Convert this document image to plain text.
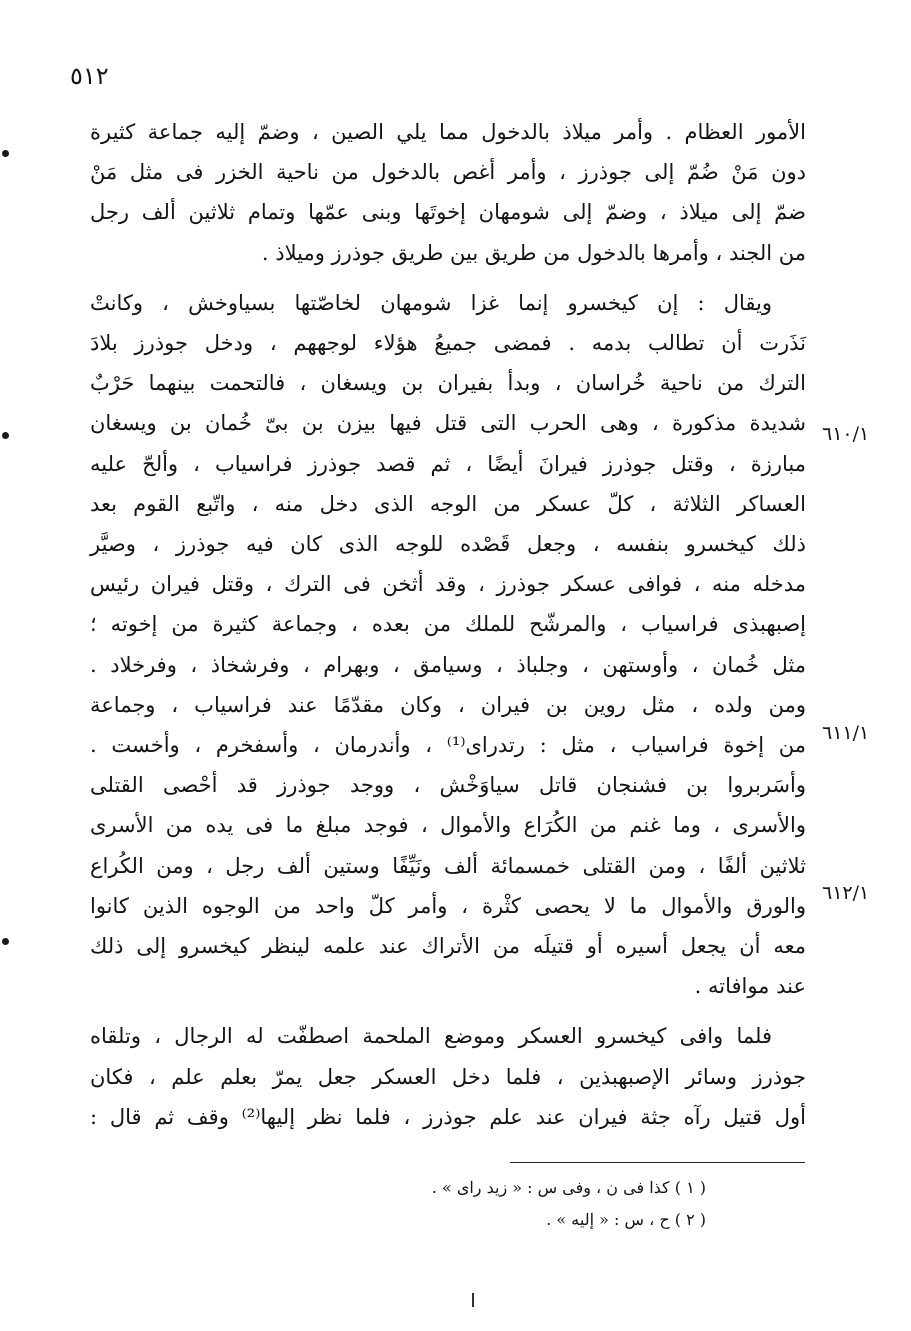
٥١٢

الأمور العظام . وأمر ميلاذ بالدخول مما يلي الصين ، وضمّ إليه جماعة كثيرة
دون مَنْ ضُمّ إلى جوذرز ، وأمر أغص بالدخول من ناحية الخزر فى مثل مَنْ
ضمّ إلى ميلاذ ، وضمّ إلى شومهان إخوتَها وبنى عمّها وتمام ثلاثين ألف رجل
من الجند ، وأمرها بالدخول من طريق بين طريق جوذرز وميلاذ .

ويقال : إن كيخسرو إنما غزا شومهان لخاصّتها بسياوخش ، وكانتْ
نَذَرت أن تطالب بدمه . فمضى جميعُ هؤلاء لوجههم ، ودخل جوذرز بلادَ
الترك من ناحية خُراسان ، وبدأ بفيران بن ويسغان ، فالتحمت بينهما حَرْبٌ
شديدة مذكورة ، وهى الحرب التى قتل فيها بيزن بن بىّ خُمان بن ويسغان
مبارزة ، وقتل جوذرز فيرانَ أيضًا ، ثم قصد جوذرز فراسياب ، وألحّ عليه
العساكر الثلاثة ، كلّ عسكر من الوجه الذى دخل منه ، واتّبع القوم بعد
ذلك كيخسرو بنفسه ، وجعل قَصْده للوجه الذى كان فيه جوذرز ، وصيَّر
مدخله منه ، فوافى عسكر جوذرز ، وقد أثخن فى الترك ، وقتل فيران رئيس
إصبهبذى فراسياب ، والمرشّح للملك من بعده ، وجماعة كثيرة من إخوته ؛
مثل خُمان ، وأوستهن ، وجلباذ ، وسيامق ، وبهرام ، وفرشخاذ ، وفرخلاد .
ومن ولده ، مثل روين بن فيران ، وكان مقدّمًا عند فراسياب ، وجماعة
من إخوة فراسياب ، مثل : رتدراى⁽¹⁾ ، وأندرمان ، وأسفخرم ، وأخست .
وأسَربروا بن فشنجان قاتل سياوَخْش ، ووجد جوذرز قد أحْصى القتلى
والأسرى ، وما غنم من الكُرَاع والأموال ، فوجد مبلغ ما فى يده من الأسرى
ثلاثين ألفًا ، ومن القتلى خمسمائة ألف ونَيِّفًا وستين ألف رجل ، ومن الكُراع
والورق والأموال ما لا يحصى كثْرة ، وأمر كلّ واحد من الوجوه الذين كانوا
معه أن يجعل أسيره أو قتيلَه من الأتراك عند علمه لينظر كيخسرو إلى ذلك
عند موافاته .

فلما وافى كيخسرو العسكر وموضع الملحمة اصطفّت له الرجال ، وتلقاه
جوذرز وسائر الإصبهبذين ، فلما دخل العسكر جعل يمرّ بعلم علم ، فكان
أول قتيل رآه جثة فيران عند علم جوذرز ، فلما نظر إليها⁽²⁾ وقف ثم قال :

٦١٠/١
٦١١/١
٦١٢/١
( ١ ) كذا فى ن ، وفى س : « زيد راى » .
( ٢ ) ح ، س : « إليه » .
